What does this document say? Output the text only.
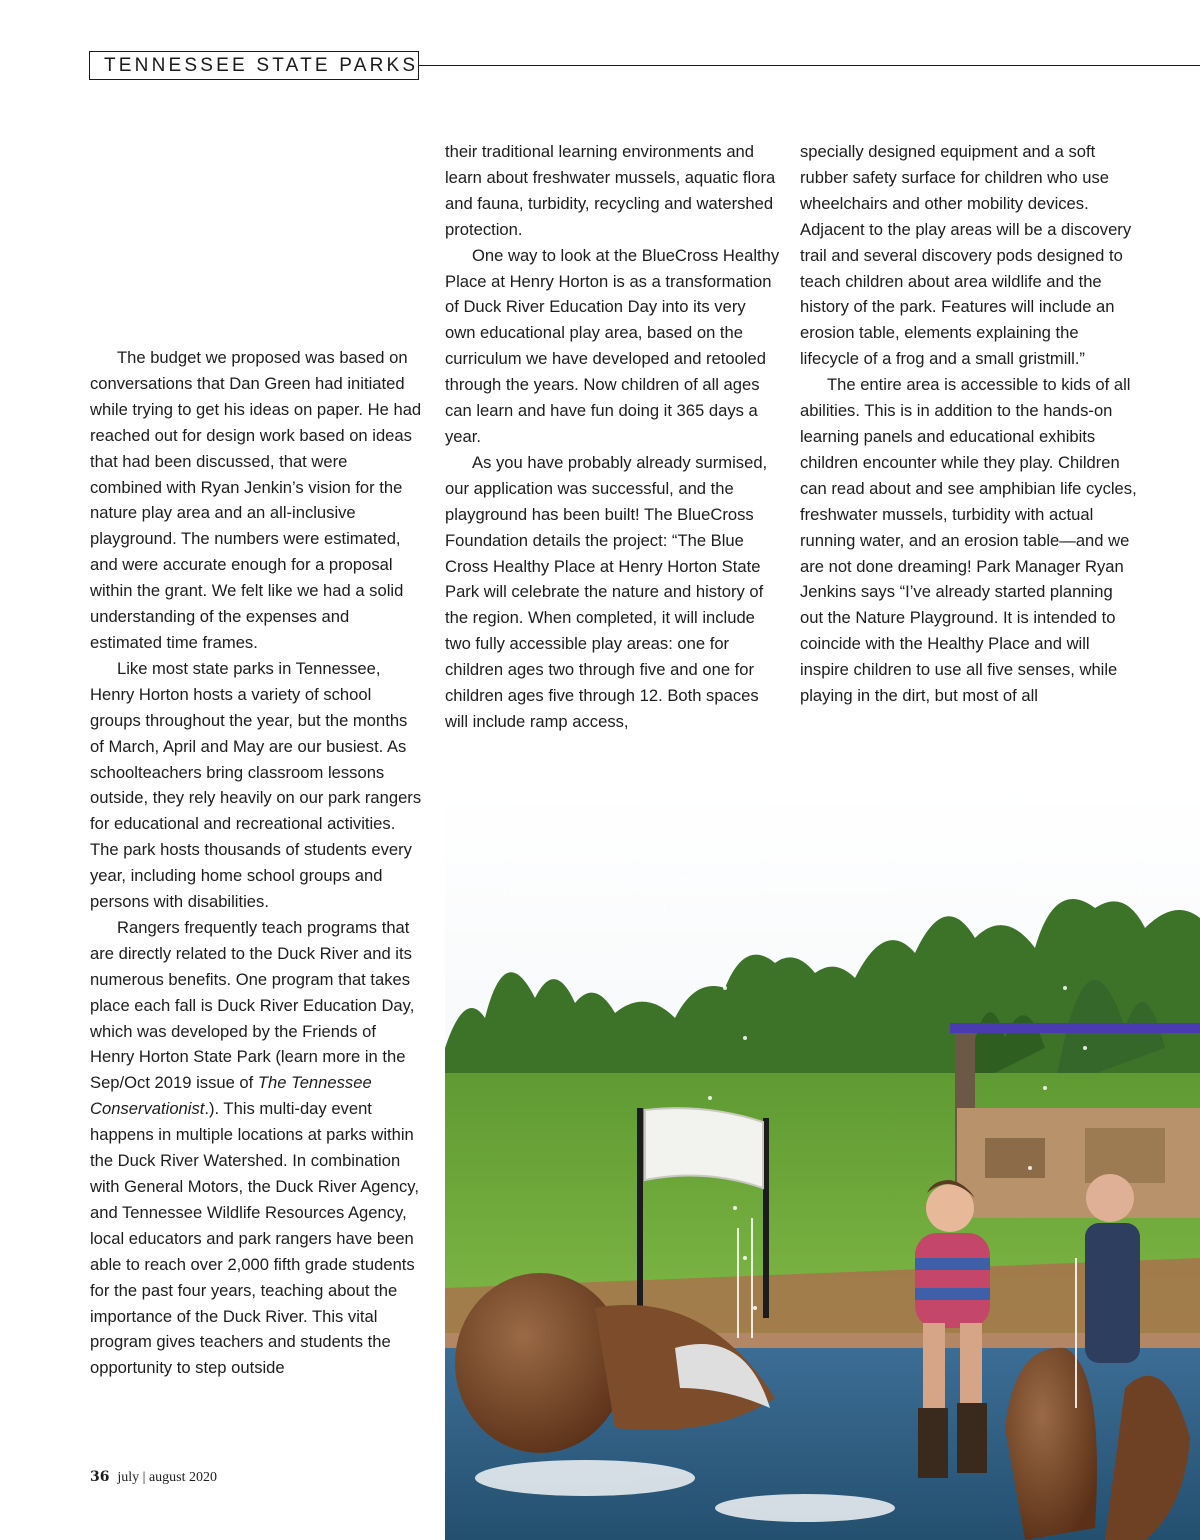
TENNESSEE STATE PARKS

The budget we proposed was based on conversations that Dan Green had initiated while trying to get his ideas on paper. He had reached out for design work based on ideas that had been discussed, that were combined with Ryan Jenkin’s vision for the nature play area and an all-inclusive playground. The numbers were estimated, and were accurate enough for a proposal within the grant. We felt like we had a solid understanding of the expenses and estimated time frames.

Like most state parks in Tennessee, Henry Horton hosts a variety of school groups throughout the year, but the months of March, April and May are our busiest. As schoolteachers bring classroom lessons outside, they rely heavily on our park rangers for educational and recreational activities. The park hosts thousands of students every year, including home school groups and persons with disabilities.

Rangers frequently teach programs that are directly related to the Duck River and its numerous benefits. One program that takes place each fall is Duck River Education Day, which was developed by the Friends of Henry Horton State Park (learn more in the Sep/Oct 2019 issue of The Tennessee Conservationist.). This multi-day event happens in multiple locations at parks within the Duck River Watershed. In combination with General Motors, the Duck River Agency, and Tennessee Wildlife Resources Agency, local educators and park rangers have been able to reach over 2,000 fifth grade students for the past four years, teaching about the importance of the Duck River. This vital program gives teachers and students the opportunity to step outside

their traditional learning environments and learn about freshwater mussels, aquatic flora and fauna, turbidity, recycling and watershed protection.

One way to look at the BlueCross Healthy Place at Henry Horton is as a transformation of Duck River Education Day into its very own educational play area, based on the curriculum we have developed and retooled through the years. Now children of all ages can learn and have fun doing it 365 days a year.

As you have probably already surmised, our application was successful, and the playground has been built! The BlueCross Foundation details the project: “The Blue Cross Healthy Place at Henry Horton State Park will celebrate the nature and history of the region. When completed, it will include two fully accessible play areas: one for children ages two through five and one for children ages five through 12. Both spaces will include ramp access,

specially designed equipment and a soft rubber safety surface for children who use wheelchairs and other mobility devices. Adjacent to the play areas will be a discovery trail and several discovery pods designed to teach children about area wildlife and the history of the park. Features will include an erosion table, elements explaining the lifecycle of a frog and a small gristmill.”

The entire area is accessible to kids of all abilities. This is in addition to the hands-on learning panels and educational exhibits children encounter while they play. Children can read about and see amphibian life cycles, freshwater mussels, turbidity with actual running water, and an erosion table—and we are not done dreaming! Park Manager Ryan Jenkins says “I’ve already started planning out the Nature Playground. It is intended to coincide with the Healthy Place and will inspire children to use all five senses, while playing in the dirt, but most of all

36 july | august 2020
